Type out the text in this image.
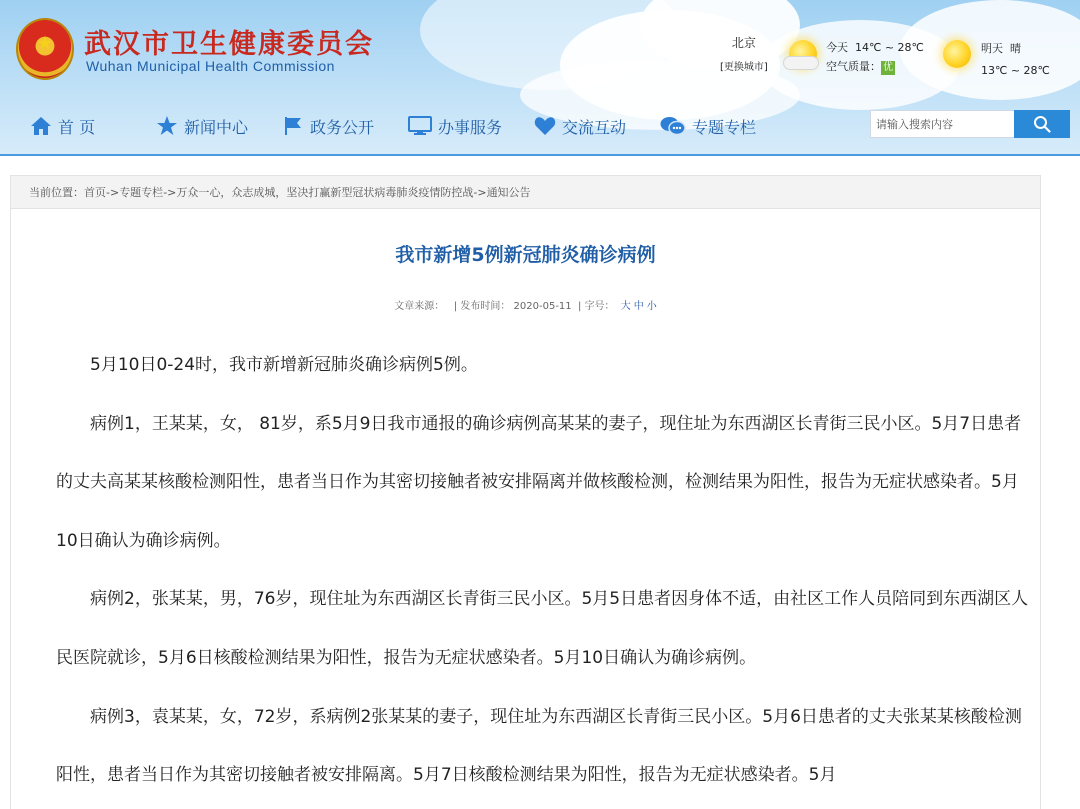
★	武汉市卫生健康委员会
Wuhan Municipal Health Commission
北京
[更换城市]
今天 14℃ ~ 28℃
空气质量： 优
明天 晴
13℃ ~ 28℃
首 页	新闻中心	政务公开	办事服务	交流互动	专题专栏
请输入搜索内容
当前位置： 首页 -> 专题专栏 -> 万众一心，众志成城，坚决打赢新型冠状病毒肺炎疫情防控战 -> 通知公告
我市新增5例新冠肺炎确诊病例
文章来源：   | 发布时间： 2020-05-11  | 字号： 大 中 小

5月10日0-24时，我市新增新冠肺炎确诊病例5例。

病例1，王某某，女， 81岁，系5月9日我市通报的确诊病例高某某的妻子，现住址为东西湖区长青街三民小区。5月7日患者的丈夫高某某核酸检测阳性，患者当日作为其密切接触者被安排隔离并做核酸检测，检测结果为阳性，报告为无症状感染者。5月10日确认为确诊病例。

病例2，张某某，男，76岁，现住址为东西湖区长青街三民小区。5月5日患者因身体不适，由社区工作人员陪同到东西湖区人民医院就诊，5月6日核酸检测结果为阳性，报告为无症状感染者。5月10日确认为确诊病例。

病例3，袁某某，女，72岁，系病例2张某某的妻子，现住址为东西湖区长青街三民小区。5月6日患者的丈夫张某某核酸检测阳性，患者当日作为其密切接触者被安排隔离。5月7日核酸检测结果为阳性，报告为无症状感染者。5月
